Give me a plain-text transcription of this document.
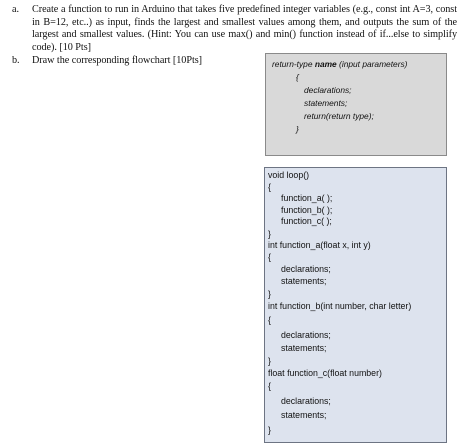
a. Create a function to run in Arduino that takes five predefined integer variables (e.g., const int A=3, const in B=12, etc..) as input, finds the largest and smallest values among them, and outputs the sum of the largest and smallest values. (Hint: You can use max() and min() function instead of if...else to simplify code). [10 Pts]
b. Draw the corresponding flowchart [10Pts]	return-type name (input parameters)
{
declarations;
statements;
return(return type);
}
void loop()
{
function_a( );
function_b( );
function_c( );
}
int function_a(float x, int y)
{
declarations;
statements;
}
int function_b(int number, char letter)
{
declarations;
statements;
}
float function_c(float number)
{
declarations;
statements;
}
